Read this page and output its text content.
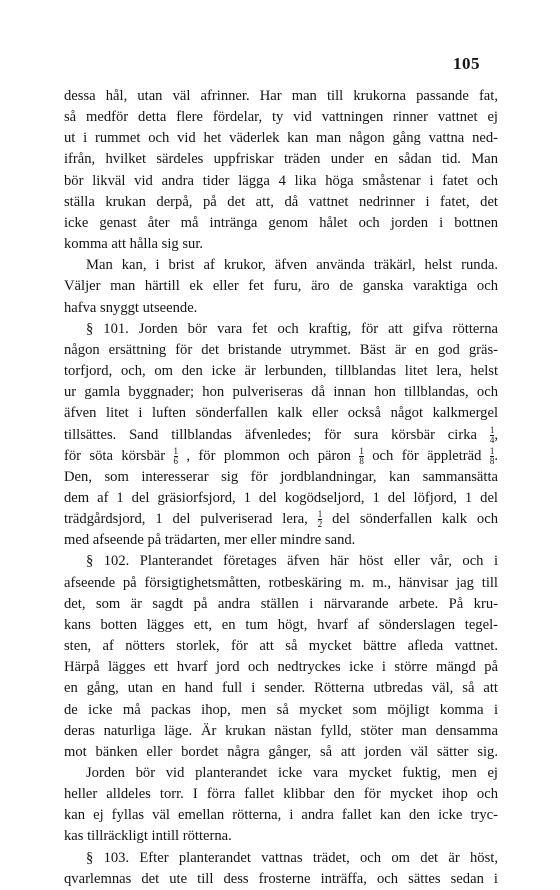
105
dessa hål, utan väl afrinner. Har man till krukorna passande fat,
så medför detta flere fördelar, ty vid vattningen rinner vattnet ej
ut i rummet och vid het väderlek kan man någon gång vattna ned-
ifrån, hvilket särdeles uppfriskar träden under en sådan tid. Man
bör likväl vid andra tider lägga 4 lika höga småstenar i fatet och
ställa krukan derpå, på det att, då vattnet nedrinner i fatet, det
icke genast åter må inträngа genom hålet och jorden i bottnen
komma att hålla sig sur.
Man kan, i brist af krukor, äfven använda träkärl, helst runda.
Väljer man härtill ek eller fet furu, äro de ganska varaktiga och
hafva snyggt utseende.
§ 101. Jorden bör vara fet och kraftig, för att gifva rötterna
någon ersättning för det bristande utrymmet. Bäst är en god gräs-
torfjord, och, om den icke är lerbunden, tillblandas litet lera, helst
ur gamla byggnader; hon pulveriseras då innan hon tillblandas, och
äfven litet i luften sönderfallen kalk eller också något kalkmergel
tillsättes. Sand tillblandas äfvenledes; för sura körsbär cirka $\frac{1}{4}$ ,
för söta körsbär $\frac{1}{6}$ , för plommon och päron $\frac{1}{8}$ och för äppleträd $\frac{1}{8}$ .
Den, som interesserar sig för jordblandningar, kan sammansätta
dem af 1 del gräsiorfsjord, 1 del kogödseljord, 1 del löfjord, 1 del
trädgårdsjord, 1 del pulveriserad lera, $\frac{1}{2}$ del sönderfallen kalk och
med afseende på trädarten, mer eller mindre sand.
§ 102. Planterandet företages äfven här höst eller vår, och i
afseende på försigtighetsmåtten, rotbeskäring m. m., hänvisar jag till
det, som är sagdt på andra ställen i närvarande arbete. På kru-
kans botten lägges ett, en tum högt, hvarf af sönderslagen tegel-
sten, af nötters storlek, för att så mycket bättre afleda vattnet.
Härpå lägges ett hvarf jord och nedtryckes icke i större mängd på
en gång, utan en hand full i sender. Rötterna utbredas väl, så att
de icke må packas ihop, men så mycket som möjligt komma i
deras naturliga läge. Är krukan nästan fylld, stöter man densamma
mot bänken eller bordet några gånger, så att jorden väl sätter sig.
Jorden bör vid planterandet icke vara mycket fuktig, men ej
heller alldeles torr. I förra fallet klibbar den för mycket ihop och
kan ej fyllas väl emellan rötterna, i andra fallet kan den icke tryc-
kas tillräckligt intill rötterna.
§ 103. Efter planterandet vattnas trädet, och om det är höst,
qvarlemnas det ute till dess frosterne inträffa, och sättes sedan i
